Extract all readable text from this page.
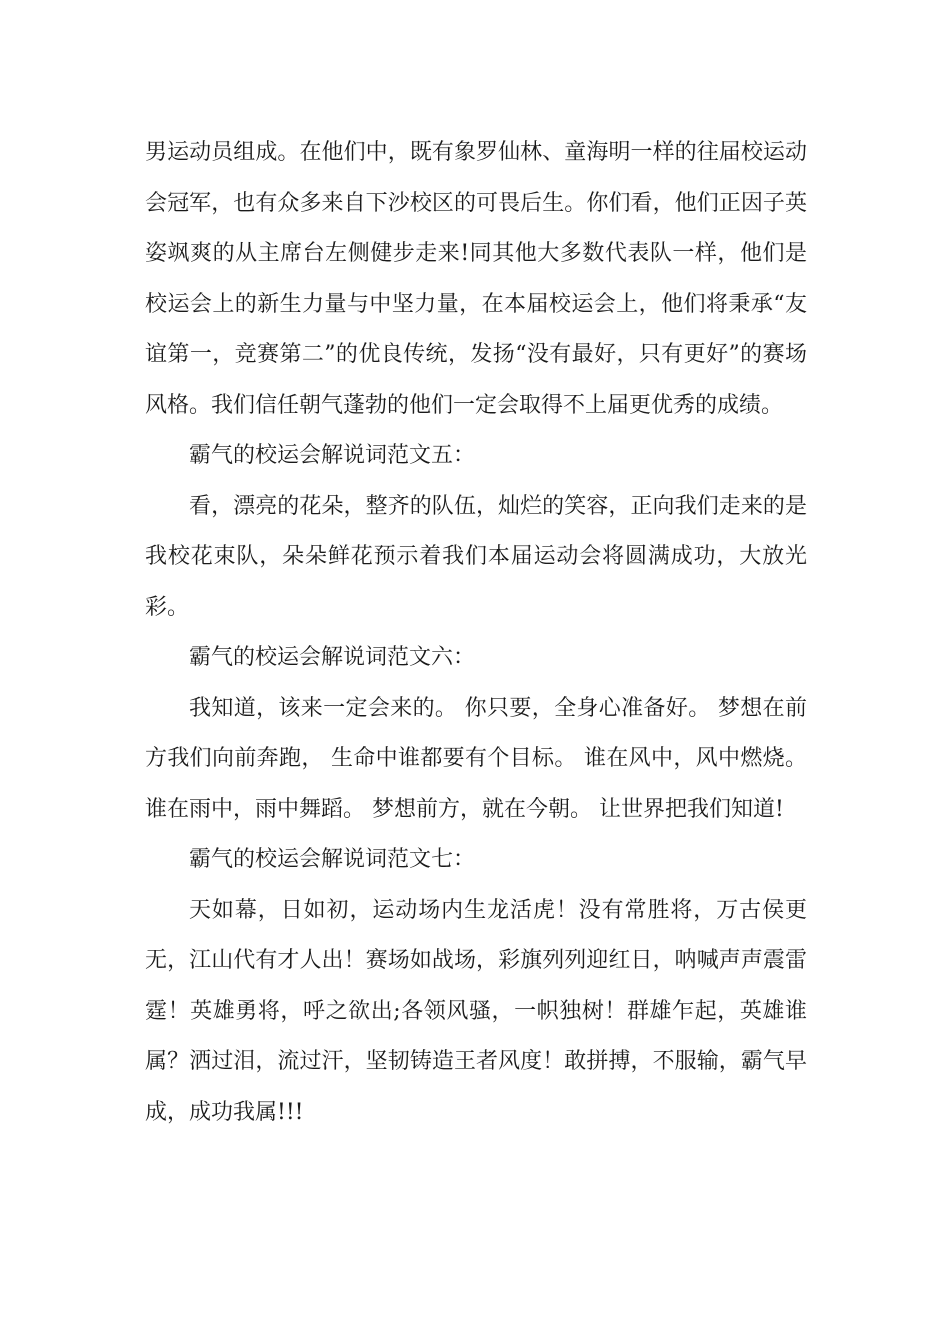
男运动员组成。在他们中，既有象罗仙林、童海明一样的往届校运动会冠军，也有众多来自下沙校区的可畏后生。你们看，他们正因子英姿飒爽的从主席台左侧健步走来!同其他大多数代表队一样，他们是校运会上的新生力量与中坚力量，在本届校运会上，他们将秉承“友谊第一，竞赛第二”的优良传统，发扬“没有最好，只有更好”的赛场风格。我们信任朝气蓬勃的他们一定会取得不上届更优秀的成绩。

霸气的校运会解说词范文五：

看，漂亮的花朵，整齐的队伍，灿烂的笑容，正向我们走来的是我校花束队，朵朵鲜花预示着我们本届运动会将圆满成功，大放光彩。

霸气的校运会解说词范文六：

我知道，该来一定会来的。 你只要，全身心准备好。 梦想在前方我们向前奔跑， 生命中谁都要有个目标。 谁在风中，风中燃烧。 谁在雨中，雨中舞蹈。 梦想前方，就在今朝。 让世界把我们知道!

霸气的校运会解说词范文七：

天如幕，日如初，运动场内生龙活虎！没有常胜将，万古侯更无，江山代有才人出！赛场如战场，彩旗列列迎红日，呐喊声声震雷霆！英雄勇将，呼之欲出;各领风骚，一帜独树！群雄乍起，英雄谁属？洒过泪，流过汗，坚韧铸造王者风度！敢拼搏，不服输，霸气早成，成功我属!!!
